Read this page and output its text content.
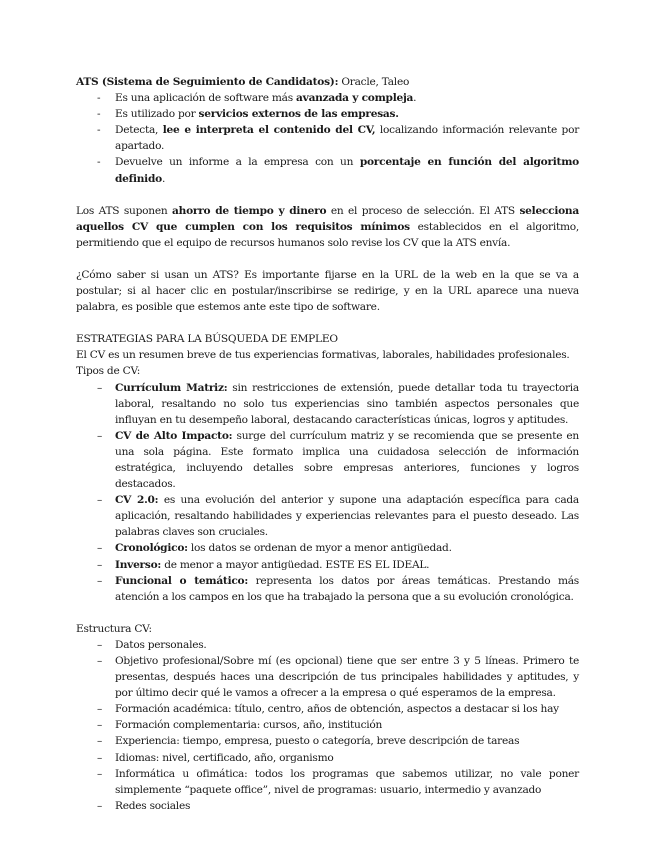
ATS (Sistema de Seguimiento de Candidatos): Oracle, Taleo

- Es una aplicación de software más avanzada y compleja.
- Es utilizado por servicios externos de las empresas.
- Detecta, lee e interpreta el contenido del CV, localizando información relevante por apartado.
- Devuelve un informe a la empresa con un porcentaje en función del algoritmo definido.

Los ATS suponen ahorro de tiempo y dinero en el proceso de selección. El ATS selecciona aquellos CV que cumplen con los requisitos mínimos establecidos en el algoritmo, permitiendo que el equipo de recursos humanos solo revise los CV que la ATS envía.

¿Cómo saber si usan un ATS? Es importante fijarse en la URL de la web en la que se va a postular; si al hacer clic en postular/inscribirse se redirige, y en la URL aparece una nueva palabra, es posible que estemos ante este tipo de software.

ESTRATEGIAS PARA LA BÚSQUEDA DE EMPLEO

El CV es un resumen breve de tus experiencias formativas, laborales, habilidades profesionales.

Tipos de CV:

– Currículum Matriz: sin restricciones de extensión, puede detallar toda tu trayectoria laboral, resaltando no solo tus experiencias sino también aspectos personales que influyan en tu desempeño laboral, destacando características únicas, logros y aptitudes.
– CV de Alto Impacto: surge del currículum matriz y se recomienda que se presente en una sola página. Este formato implica una cuidadosa selección de información estratégica, incluyendo detalles sobre empresas anteriores, funciones y logros destacados.
– CV 2.0: es una evolución del anterior y supone una adaptación específica para cada aplicación, resaltando habilidades y experiencias relevantes para el puesto deseado. Las palabras claves son cruciales.
– Cronológico: los datos se ordenan de myor a menor antigüedad.
– Inverso: de menor a mayor antigüedad. ESTE ES EL IDEAL.
– Funcional o temático: representa los datos por áreas temáticas. Prestando más atención a los campos en los que ha trabajado la persona que a su evolución cronológica.

Estructura CV:

– Datos personales.
– Objetivo profesional/Sobre mí (es opcional) tiene que ser entre 3 y 5 líneas. Primero te presentas, después haces una descripción de tus principales habilidades y aptitudes, y por último decir qué le vamos a ofrecer a la empresa o qué esperamos de la empresa.
– Formación académica: título, centro, años de obtención, aspectos a destacar si los hay
– Formación complementaria: cursos, año, institución
– Experiencia: tiempo, empresa, puesto o categoría, breve descripción de tareas
– Idiomas: nivel, certificado, año, organismo
– Informática u ofimática: todos los programas que sabemos utilizar, no vale poner simplemente “paquete office”, nivel de programas: usuario, intermedio y avanzado
– Redes sociales
